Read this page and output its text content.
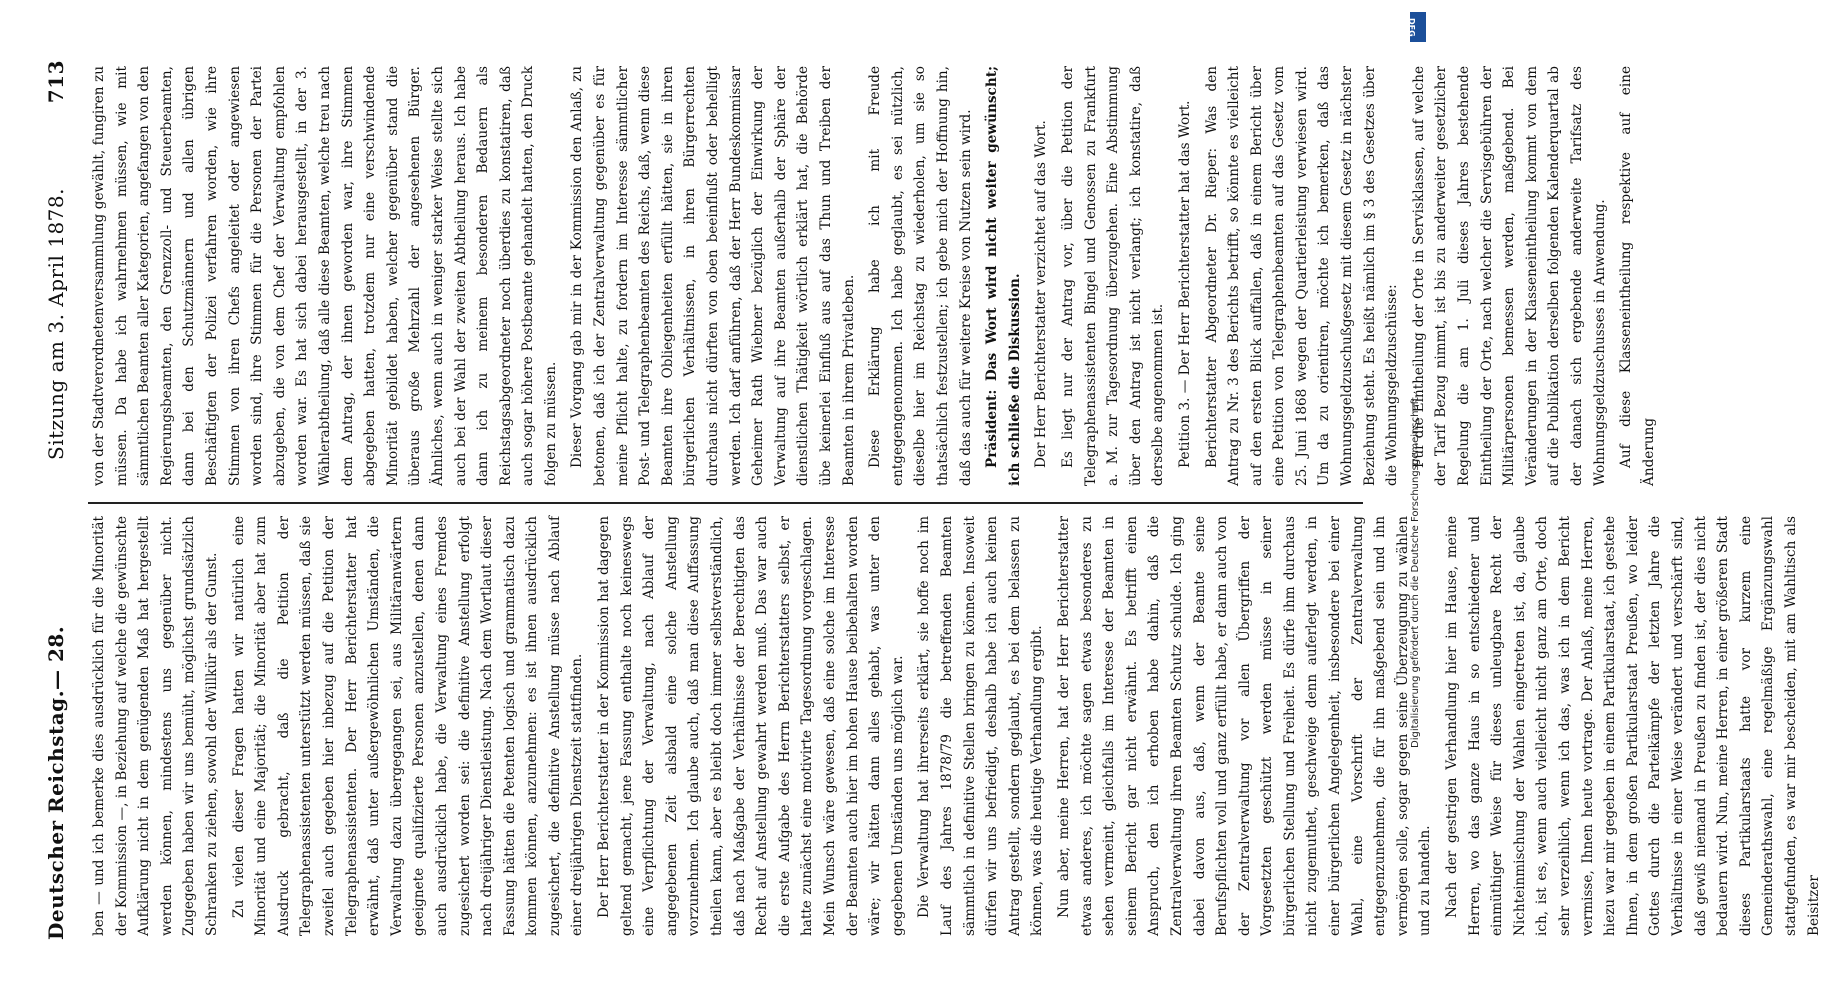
Deutscher Reichstag.
— 28.
Sitzung am 3. April 1878.
713

ben — und ich bemerke dies ausdrücklich für die Minorität der Kommission —, in Beziehung auf welche die gewünschte Aufklärung nicht in dem genügenden Maß hat hergestellt werden können, mindestens uns gegenüber nicht. Zugegeben haben wir uns bemüht, möglichst grundsätzlich Schranken zu ziehen, sowohl der Willkür als der Gunst. Zu vielen dieser Fragen hatten wir natürlich eine Minorität und eine Majorität; die Minorität aber hat zum Ausdruck gebracht, daß die Petition der Telegraphenassistenten unterstützt werden müssen, daß sie zweifel auch gegeben hier inbezug auf die Petition der Telegraphenassistenten. Der Herr Berichterstatter hat erwähnt, daß unter außergewöhnlichen Umständen, die Verwaltung dazu übergegangen sei, aus Militäranwärtern geeignete qualifizierte Personen anzustellen, denen dann auch ausdrücklich habe, die Verwaltung eines Fremdes zugesichert worden sei: die definitive Anstellung erfolgt nach dreijähriger Dienstleistung. Nach dem Wortlaut dieser Fassung hätten die Petenten logisch und grammatisch dazu kommen können, anzunehmen: es ist ihnen ausdrücklich zugesichert, die definitive Anstellung müsse nach Ablauf einer dreijährigen Dienstzeit stattfinden. Der Herr Berichterstatter in der Kommission hat dagegen geltend gemacht, jene Fassung enthalte noch keineswegs eine Verpflichtung der Verwaltung, nach Ablauf der angegebenen Zeit alsbald eine solche Anstellung vorzunehmen. Ich glaube auch, daß man diese Auffassung theilen kann, aber es bleibt doch immer selbstverständlich, daß nach Maßgabe der Verhältnisse der Berechtigten das Recht auf Anstellung gewahrt werden muß. Das war auch die erste Aufgabe des Herrn Berichterstatters selbst, er hatte zunächst eine motivirte Tagesordnung vorgeschlagen. Mein Wunsch wäre gewesen, daß eine solche im Interesse der Beamten auch hier im hohen Hause beibehalten worden wäre; wir hätten dann alles gehabt, was unter den gegebenen Umständen uns möglich war. Die Verwaltung hat ihrerseits erklärt, sie hoffe noch im Lauf des Jahres 1878/79 die betreffenden Beamten sämmtlich in definitive Stellen bringen zu können. Insoweit dürfen wir uns befriedigt, deshalb habe ich auch keinen Antrag gestellt, sondern geglaubt, es bei dem belassen zu können, was die heutige Verhandlung ergibt. Nun aber, meine Herren, hat der Herr Berichterstatter etwas anderes, ich möchte sagen etwas besonderes zu sehen vermeint, gleichfalls im Interesse der Beamten in seinem Bericht gar nicht erwähnt. Es betrifft einen Anspruch, den ich erhoben habe dahin, daß die Zentralverwaltung ihren Beamten Schutz schulde. Ich ging dabei davon aus, daß, wenn der Beamte seine Berufspflichten voll und ganz erfüllt habe, er dann auch von der Zentralverwaltung vor allen Übergriffen der Vorgesetzten geschützt werden müsse in seiner bürgerlichen Stellung und Freiheit. Es dürfe ihm durchaus nicht zugemuthet, geschweige denn auferlegt werden, in einer bürgerlichen Angelegenheit, insbesondere bei einer Wahl, eine Vorschrift der Zentralverwaltung entgegenzunehmen, die für ihn maßgebend sein und ihn vermögen solle, sogar gegen seine Überzeugung zu wählen und zu handeln. Nach der gestrigen Verhandlung hier im Hause, meine Herren, wo das ganze Haus in so entschiedener und einmüthiger Weise für dieses unleugbare Recht der Nichteinmischung der Wahlen eingetreten ist, da, glaube ich, ist es, wenn auch vielleicht nicht ganz am Orte, doch sehr verzeihlich, wenn ich das, was ich in dem Bericht vermisse, Ihnen heute vortrage. Der Anlaß, meine Herren, hiezu war mir gegeben in einem Partikularstaat, ich gestehe Ihnen, in dem großen Partikularstaat Preußen, wo leider Gottes durch die Parteikämpfe der letzten Jahre die Verhältnisse in einer Weise verändert und verschärft sind, daß gewiß niemand in Preußen zu finden ist, der dies nicht bedauern wird. Nun, meine Herren, in einer größeren Stadt dieses Partikularstaats hatte vor kurzem eine Gemeinderathswahl, eine regelmäßige Ergänzungswahl stattgefunden, es war mir bescheiden, mit am Wahltisch als Beisitzer

von der Stadtverordnetenversammlung gewählt, fungiren zu müssen. Da habe ich wahrnehmen müssen, wie mit sämmtlichen Beamten aller Kategorien, angefangen von den Regierungsbeamten, den Grenzzoll- und Steuerbeamten, dann bei den Schutzmännern und allen übrigen Beschäftigten der Polizei verfahren worden, wie ihre Stimmen von ihren Chefs angeleitet oder angewiesen worden sind, ihre Stimmen für die Personen der Partei abzugeben, die von dem Chef der Verwaltung empfohlen worden war. Es hat sich dabei herausgestellt, in der 3. Wählerabtheilung, daß alle diese Beamten, welche treu nach dem Antrag, der ihnen geworden war, ihre Stimmen abgegeben hatten, trotzdem nur eine verschwindende Minorität gebildet haben, welcher gegenüber stand die überaus große Mehrzahl der angesehenen Bürger. Ähnliches, wenn auch in weniger starker Weise stellte sich auch bei der Wahl der zweiten Abtheilung heraus. Ich habe dann ich zu meinem besonderen Bedauern als Reichstagsabgeordneter noch überdies zu konstatiren, daß auch sogar höhere Postbeamte gehandelt hatten, den Druck folgen zu müssen. Dieser Vorgang gab mir in der Kommission den Anlaß, zu betonen, daß ich der Zentralverwaltung gegenüber es für meine Pflicht halte, zu fordern im Interesse sämmtlicher Post- und Telegraphenbeamten des Reichs, daß, wenn diese Beamten ihre Obliegenheiten erfüllt hätten, sie in ihren bürgerlichen Verhältnissen, in ihren Bürgerrechten durchaus nicht dürften von oben beeinflußt oder behelligt werden. Ich darf anführen, daß der Herr Bundeskommissar Geheimer Rath Wiebner bezüglich der Einwirkung der Verwaltung auf ihre Beamten außerhalb der Sphäre der dienstlichen Thätigkeit wörtlich erklärt hat, die Behörde übe keinerlei Einfluß aus auf das Thun und Treiben der Beamten in ihrem Privatleben. Diese Erklärung habe ich mit Freude entgegengenommen. Ich habe geglaubt, es sei nützlich, dieselbe hier im Reichstag zu wiederholen, um sie so thatsächlich festzustellen; ich gebe mich der Hoffnung hin, daß das auch für weitere Kreise von Nutzen sein wird. Präsident: Das Wort wird nicht weiter gewünscht; ich schließe die Diskussion. Der Herr Berichterstatter verzichtet auf das Wort. Es liegt nur der Antrag vor, über die Petition der Telegraphenassistenten Bingel und Genossen zu Frankfurt a. M. zur Tagesordnung überzugehen. Eine Abstimmung über den Antrag ist nicht verlangt; ich konstatire, daß derselbe angenommen ist. Petition 3. — Der Herr Berichterstatter hat das Wort. Berichterstatter Abgeordneter Dr. Rieper: Was den Antrag zu Nr. 3 des Berichts betrifft, so könnte es vielleicht auf den ersten Blick auffallen, daß in einem Bericht über eine Petition von Telegraphenbeamten auf das Gesetz vom 25. Juni 1868 wegen der Quartierleistung verwiesen wird. Um da zu orientiren, möchte ich bemerken, daß das Wohnungsgeldzuschußgesetz mit diesem Gesetz in nächster Beziehung steht. Es heißt nämlich im § 3 des Gesetzes über die Wohnungsgeldzuschüsse: Für die Eintheilung der Orte in Servisklassen, auf welche der Tarif Bezug nimmt, ist bis zu anderweiter gesetzlicher Regelung die am 1. Juli dieses Jahres bestehende Eintheilung der Orte, nach welcher die Servisgebühren der Militärpersonen bemessen werden, maßgebend. Bei Veränderungen in der Klasseneintheilung kommt von dem auf die Publikation derselben folgenden Kalenderquartal ab der danach sich ergebende anderweite Tarifsatz des Wohnungsgeldzuschusses in Anwendung. Auf diese Klasseneintheilung respektive auf eine Änderung

DFG
Digitalisierung gefördert durch die Deutsche Forschungsgemeinschaft ·
